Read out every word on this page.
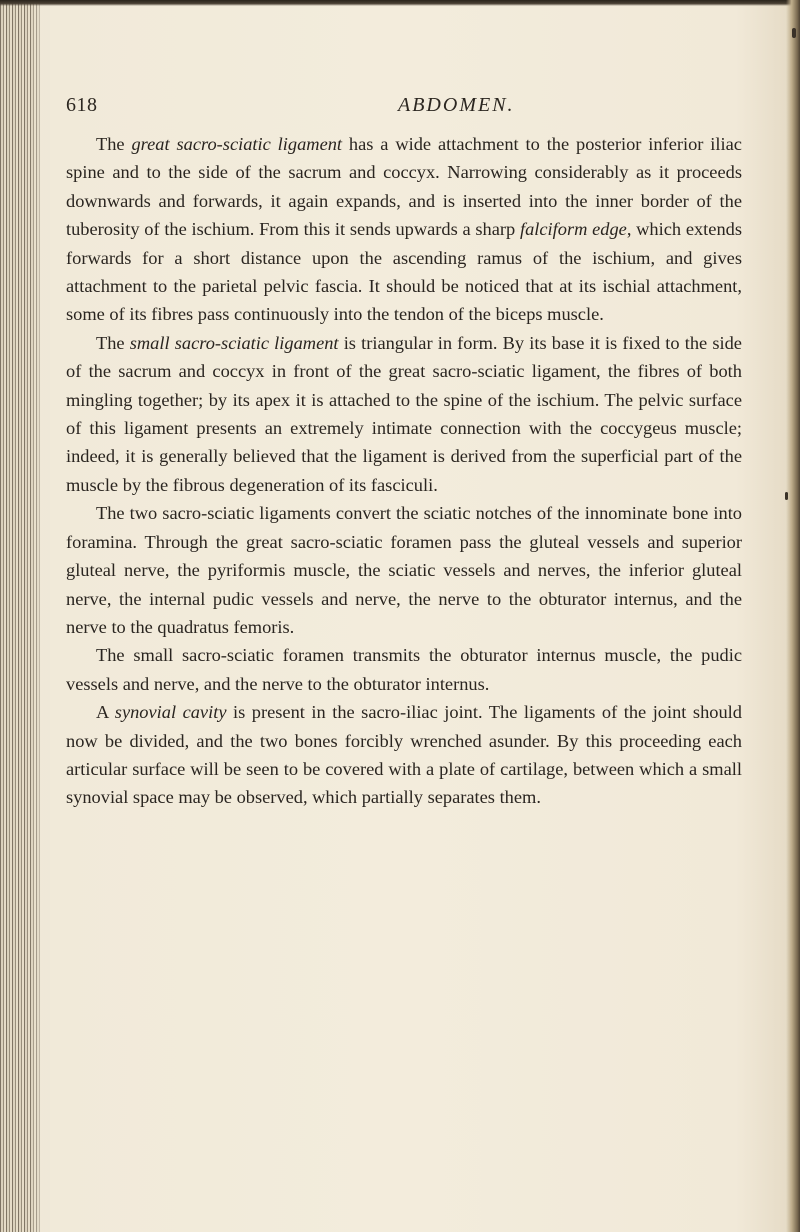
618	ABDOMEN.

The great sacro-sciatic ligament has a wide attachment to the posterior inferior iliac spine and to the side of the sacrum and coccyx. Narrowing considerably as it proceeds downwards and forwards, it again expands, and is inserted into the inner border of the tuberosity of the ischium. From this it sends upwards a sharp falciform edge, which extends forwards for a short distance upon the ascending ramus of the ischium, and gives attachment to the parietal pelvic fascia. It should be noticed that at its ischial attachment, some of its fibres pass continuously into the tendon of the biceps muscle.

The small sacro-sciatic ligament is triangular in form. By its base it is fixed to the side of the sacrum and coccyx in front of the great sacro-sciatic ligament, the fibres of both mingling together; by its apex it is attached to the spine of the ischium. The pelvic surface of this ligament presents an extremely intimate connection with the coccygeus muscle; indeed, it is generally believed that the ligament is derived from the superficial part of the muscle by the fibrous degeneration of its fasciculi.

The two sacro-sciatic ligaments convert the sciatic notches of the innominate bone into foramina. Through the great sacro-sciatic foramen pass the gluteal vessels and superior gluteal nerve, the pyriformis muscle, the sciatic vessels and nerves, the inferior gluteal nerve, the internal pudic vessels and nerve, the nerve to the obturator internus, and the nerve to the quadratus femoris.

The small sacro-sciatic foramen transmits the obturator internus muscle, the pudic vessels and nerve, and the nerve to the obturator internus.

A synovial cavity is present in the sacro-iliac joint. The ligaments of the joint should now be divided, and the two bones forcibly wrenched asunder. By this proceeding each articular surface will be seen to be covered with a plate of cartilage, between which a small synovial space may be observed, which partially separates them.
